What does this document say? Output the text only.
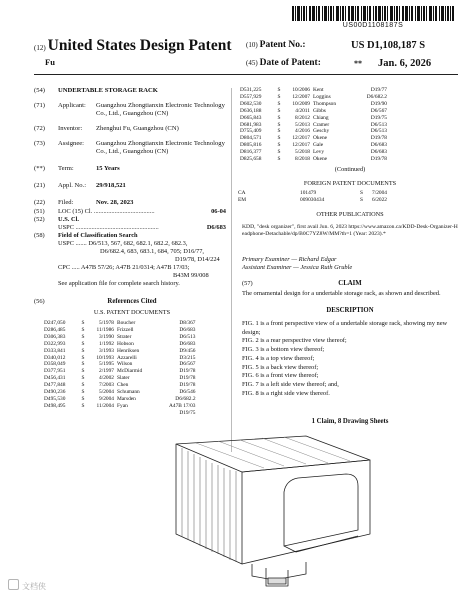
US00D1108187S
(12) United States Design Patent
Fu
(10) Patent No.:	US D1,108,187 S
(45) Date of Patent:	** Jan. 6, 2026
(54) UNDERTABLE STORAGE RACK
(71) Applicant: Guangzhou Zhongtianxin Electronic Technology Co., Ltd., Guangzhou (CN)
(72) Inventor: Zhenghui Fu, Guangzhou (CN)
(73) Assignee: Guangzhou Zhongtianxin Electronic Technology Co., Ltd., Guangzhou (CN)
(**) Term:	15 Years
(21) Appl. No.: 29/918,521
(22) Filed:	Nov. 28, 2023
(51) LOC (15) Cl. ......................................	06-04
(52) U.S. Cl.
USPC ....................................................	D6/683
(58) Field of Classification Search
USPC ....... D6/513, 567, 682, 682.1, 682.2, 682.3,
D6/682.4, 683, 683.1, 684, 705; D16/77,
D19/78, D14/224
CPC ..... A47B 57/26; A47B 21/0314; A47B 17/03;
B43M 99/008
See application file for complete search history.
(56)	References Cited
U.S. PATENT DOCUMENTS
D247,050	S	5/1978	Boucher	D8/367
D286,485	S	11/1986	Frizzell	D6/683
D306,383	S	3/1990	Strater	D6/513
D322,993	S	1/1992	Hobson	D6/683
D333,841	S	3/1993	Henriksen	D9/456
D340,012	S	10/1993	Azzarelli	D3/215
D358,049	S	5/1995	Wilson	D6/567
D377,951	S	2/1997	McDiarmid	D19/78
D456,431	S	4/2002	Slater	D19/78
D477,848	S	7/2003	Chen	D19/78
D490,236	S	5/2004	Schumann	D6/546
D495,530	S	9/2004	Marsden	D6/682.2
D498,495	S	11/2004	Fyan	A47B 17/03
				D19/75
D531,225	S	10/2006	Kent	D19/77
D557,929	S	12/2007	Loggins	D6/682.2
D602,530	S	10/2009	Thompson	D19/90
D636,188	S	4/2011	Gibbs	D6/567
D665,843	S	8/2012	Chiang	D19/75
D681,983	S	5/2013	Cramer	D6/513
D755,409	S	4/2016	Geschy	D6/513
D804,571	S	12/2017	Okene	D19/78
D805,816	S	12/2017	Gale	D6/683
D816,377	S	5/2018	Levy	D6/683
D825,658	S	8/2018	Okene	D19/78
(Continued)
FOREIGN PATENT DOCUMENTS
CA	101479	S	7/2004
EM	009030434	S	6/2022
OTHER PUBLICATIONS
KDD, "desk organizer", first avail Jun. 6, 2023 https://www.amazon.ca/KDD-Desk-Organizer-Headphone-Detachable/dp/B0C7YZ8W/MM?th=1 (Year: 2023).*
Primary Examiner — Richard Edgar
Assistant Examiner — Jessica Ruth Gruble
(57)	CLAIM
The ornamental design for a undertable storage rack, as shown and described.
DESCRIPTION
FIG. 1 is a front perspective view of a undertable storage rack, showing my new design;
FIG. 2 is a rear perspective view thereof;
FIG. 3 is a bottom view thereof;
FIG. 4 is a top view thereof;
FIG. 5 is a back view thereof;
FIG. 6 is a front view thereof;
FIG. 7 is a left side view thereof; and,
FIG. 8 is a right side view thereof.
1 Claim, 8 Drawing Sheets
文档侠
